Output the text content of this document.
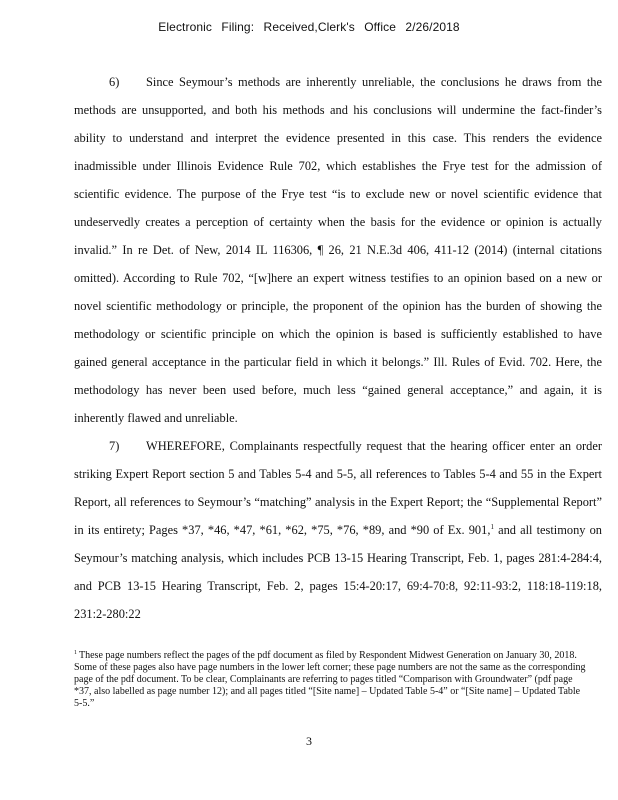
Electronic Filing: Received,Clerk's Office 2/26/2018

6) Since Seymour’s methods are inherently unreliable, the conclusions he draws from the methods are unsupported, and both his methods and his conclusions will undermine the fact-finder’s ability to understand and interpret the evidence presented in this case. This renders the evidence inadmissible under Illinois Evidence Rule 702, which establishes the Frye test for the admission of scientific evidence. The purpose of the Frye test “is to exclude new or novel scientific evidence that undeservedly creates a perception of certainty when the basis for the evidence or opinion is actually invalid.” In re Det. of New, 2014 IL 116306, ¶ 26, 21 N.E.3d 406, 411-12 (2014) (internal citations omitted). According to Rule 702, “[w]here an expert witness testifies to an opinion based on a new or novel scientific methodology or principle, the proponent of the opinion has the burden of showing the methodology or scientific principle on which the opinion is based is sufficiently established to have gained general acceptance in the particular field in which it belongs.” Ill. Rules of Evid. 702. Here, the methodology has never been used before, much less “gained general acceptance,” and again, it is inherently flawed and unreliable.

7) WHEREFORE, Complainants respectfully request that the hearing officer enter an order striking Expert Report section 5 and Tables 5-4 and 5-5, all references to Tables 5-4 and 55 in the Expert Report, all references to Seymour’s “matching” analysis in the Expert Report; the “Supplemental Report” in its entirety; Pages *37, *46, *47, *61, *62, *75, *76, *89, and *90 of Ex. 901,$^1$ and all testimony on Seymour’s matching analysis, which includes PCB 13-15 Hearing Transcript, Feb. 1, pages 281:4-284:4, and PCB 13-15 Hearing Transcript, Feb. 2, pages 15:4-20:17, 69:4-70:8, 92:11-93:2, 118:18-119:18, 231:2-280:22

$^1$ These page numbers reflect the pages of the pdf document as filed by Respondent Midwest Generation on January 30, 2018. Some of these pages also have page numbers in the lower left corner; these page numbers are not the same as the corresponding page of the pdf document. To be clear, Complainants are referring to pages titled “Comparison with Groundwater” (pdf page *37, also labelled as page number 12); and all pages titled “[Site name] – Updated Table 5-4” or “[Site name] – Updated Table 5-5.”
3
